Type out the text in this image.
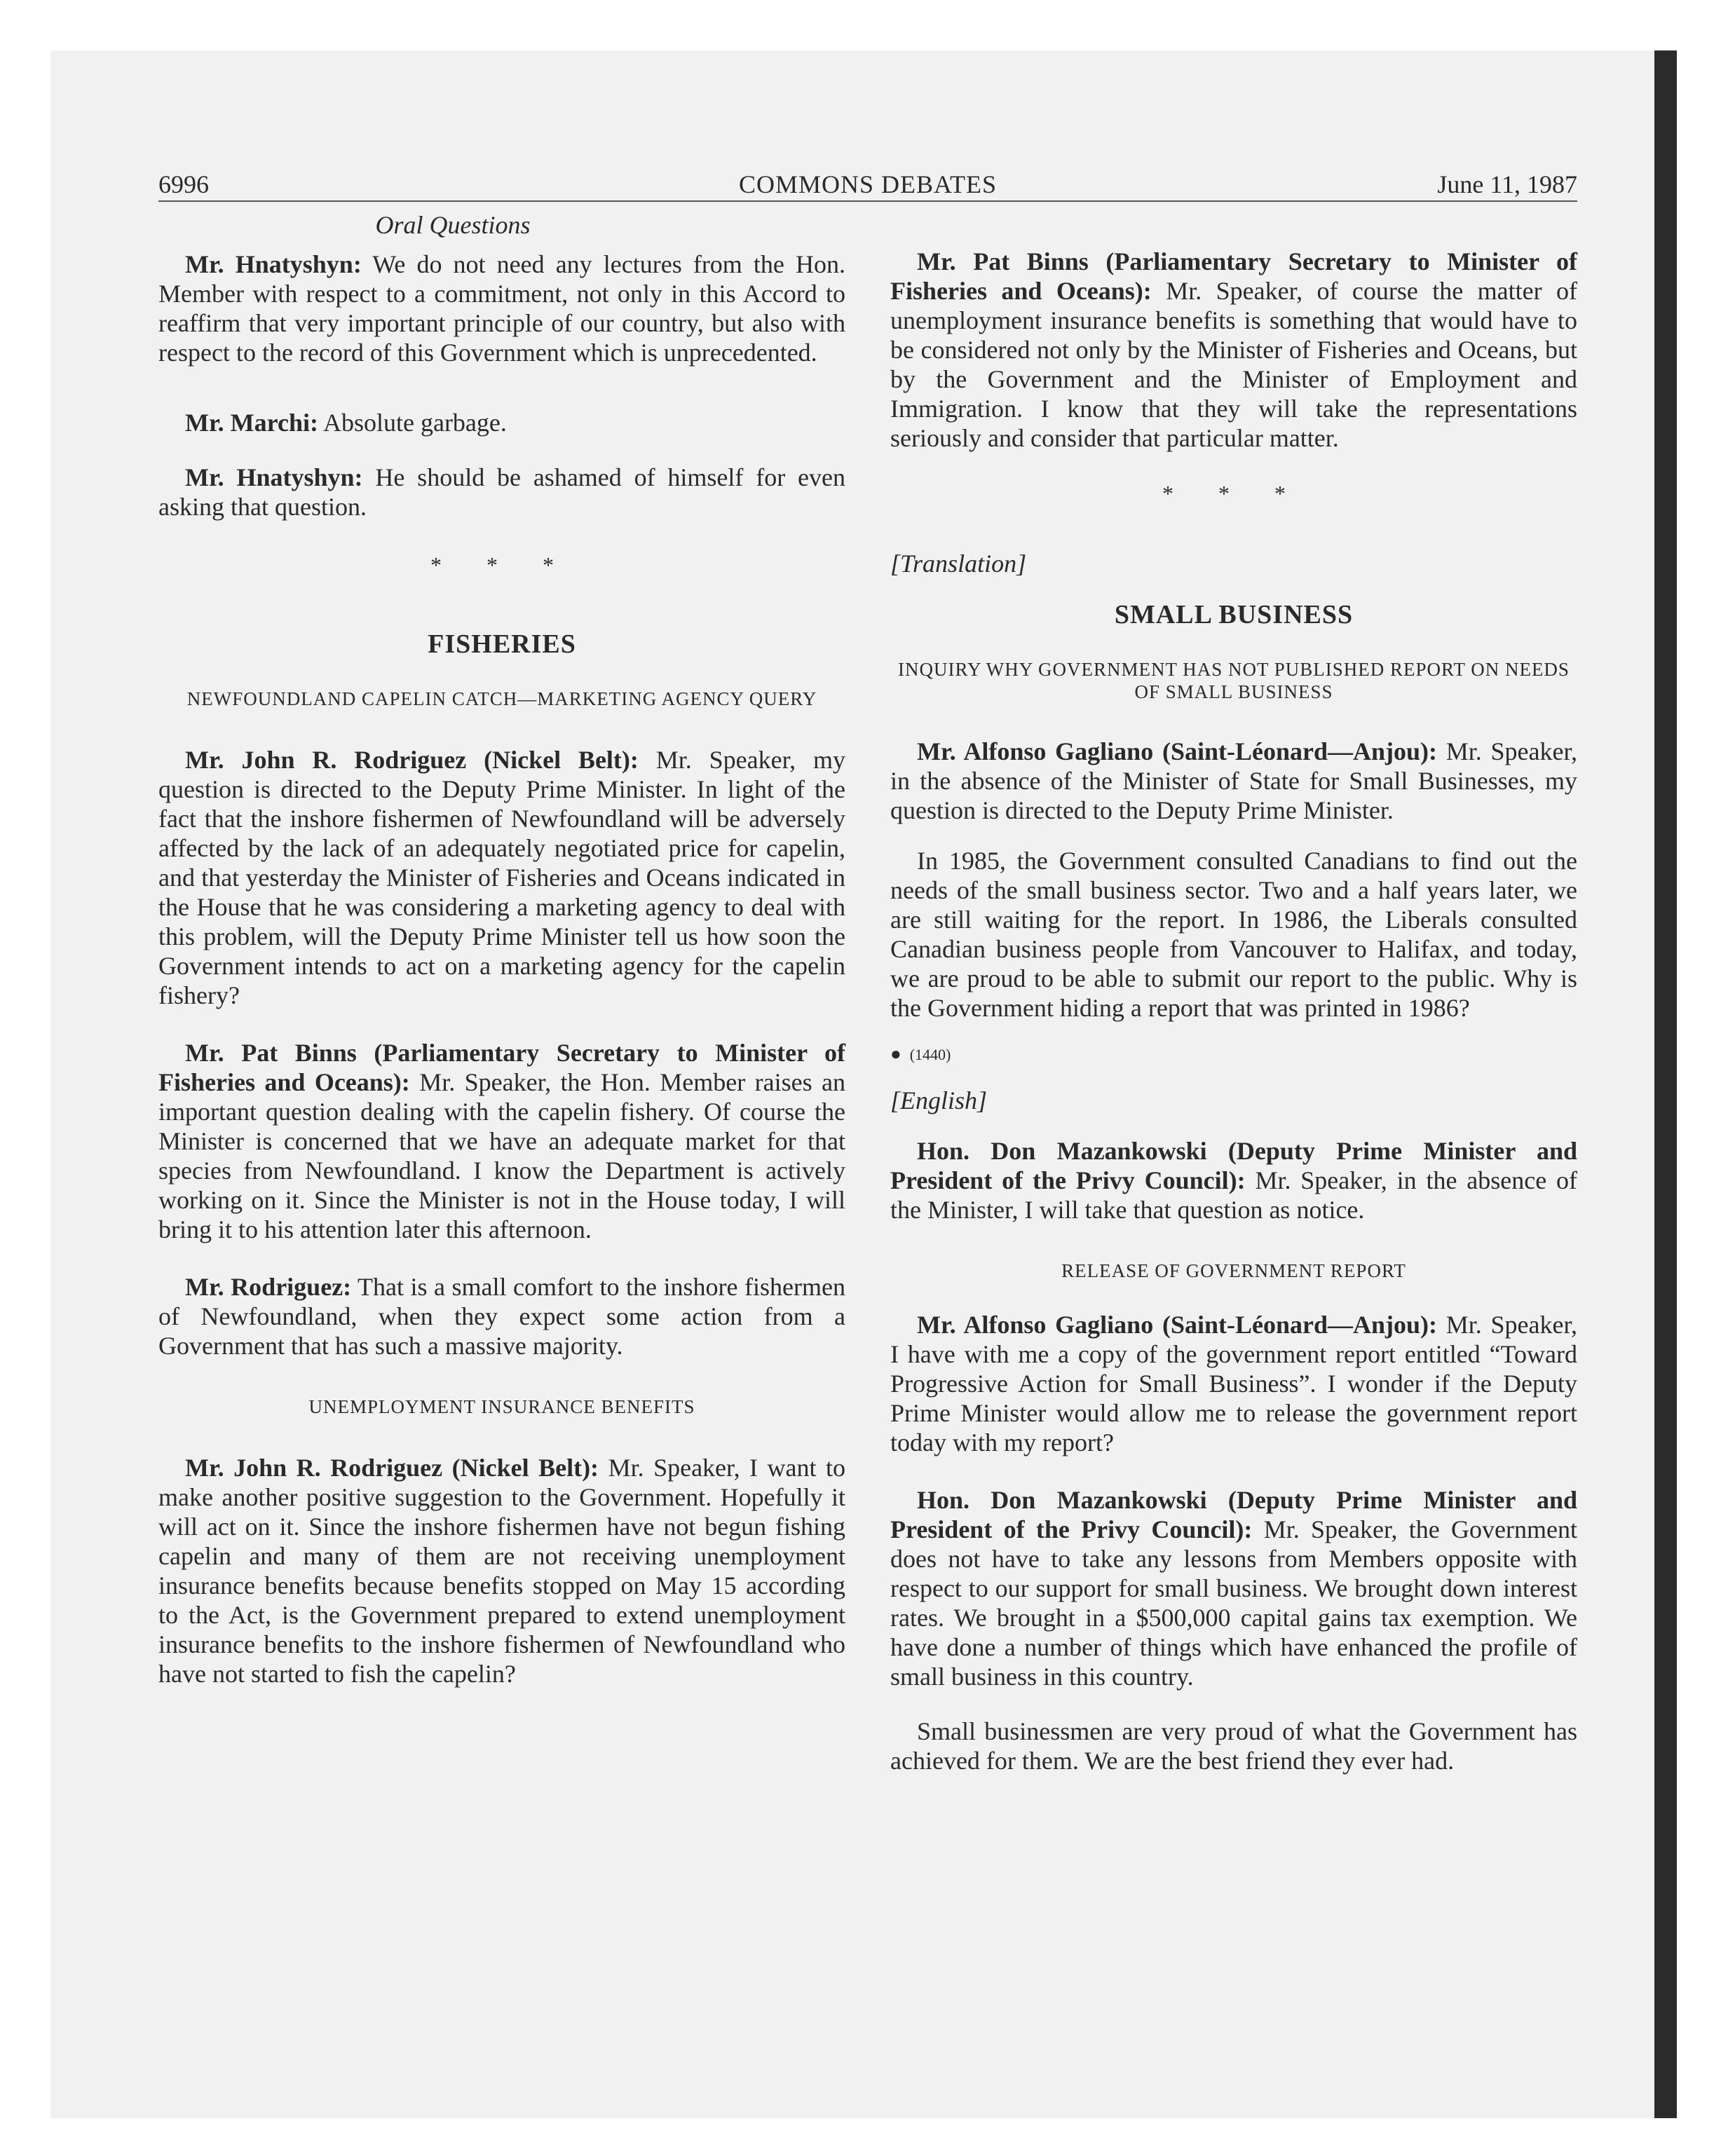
6996	COMMONS DEBATES	June 11, 1987
Oral Questions

Mr. Hnatyshyn: We do not need any lectures from the Hon. Member with respect to a commitment, not only in this Accord to reaffirm that very important principle of our country, but also with respect to the record of this Government which is unprecedented.

Mr. Marchi: Absolute garbage.

Mr. Hnatyshyn: He should be ashamed of himself for even asking that question.

* * *
FISHERIES
NEWFOUNDLAND CAPELIN CATCH—MARKETING AGENCY QUERY

Mr. John R. Rodriguez (Nickel Belt): Mr. Speaker, my question is directed to the Deputy Prime Minister. In light of the fact that the inshore fishermen of Newfoundland will be adversely affected by the lack of an adequately negotiated price for capelin, and that yesterday the Minister of Fisheries and Oceans indicated in the House that he was considering a marketing agency to deal with this problem, will the Deputy Prime Minister tell us how soon the Government intends to act on a marketing agency for the capelin fishery?

Mr. Pat Binns (Parliamentary Secretary to Minister of Fisheries and Oceans): Mr. Speaker, the Hon. Member raises an important question dealing with the capelin fishery. Of course the Minister is concerned that we have an adequate market for that species from Newfoundland. I know the Department is actively working on it. Since the Minister is not in the House today, I will bring it to his attention later this afternoon.

Mr. Rodriguez: That is a small comfort to the inshore fishermen of Newfoundland, when they expect some action from a Government that has such a massive majority.

UNEMPLOYMENT INSURANCE BENEFITS

Mr. John R. Rodriguez (Nickel Belt): Mr. Speaker, I want to make another positive suggestion to the Government. Hopefully it will act on it. Since the inshore fishermen have not begun fishing capelin and many of them are not receiving unemployment insurance benefits because benefits stopped on May 15 according to the Act, is the Government prepared to extend unemployment insurance benefits to the inshore fishermen of Newfoundland who have not started to fish the capelin?

Mr. Pat Binns (Parliamentary Secretary to Minister of Fisheries and Oceans): Mr. Speaker, of course the matter of unemployment insurance benefits is something that would have to be considered not only by the Minister of Fisheries and Oceans, but by the Government and the Minister of Employment and Immigration. I know that they will take the representations seriously and consider that particular matter.

* * *
[Translation]
SMALL BUSINESS
INQUIRY WHY GOVERNMENT HAS NOT PUBLISHED REPORT ON NEEDS OF SMALL BUSINESS

Mr. Alfonso Gagliano (Saint-Léonard—Anjou): Mr. Speaker, in the absence of the Minister of State for Small Businesses, my question is directed to the Deputy Prime Minister.

In 1985, the Government consulted Canadians to find out the needs of the small business sector. Two and a half years later, we are still waiting for the report. In 1986, the Liberals consulted Canadian business people from Vancouver to Halifax, and today, we are proud to be able to submit our report to the public. Why is the Government hiding a report that was printed in 1986?

● (1440)
[English]

Hon. Don Mazankowski (Deputy Prime Minister and President of the Privy Council): Mr. Speaker, in the absence of the Minister, I will take that question as notice.

RELEASE OF GOVERNMENT REPORT

Mr. Alfonso Gagliano (Saint-Léonard—Anjou): Mr. Speaker, I have with me a copy of the government report entitled “Toward Progressive Action for Small Business”. I wonder if the Deputy Prime Minister would allow me to release the government report today with my report?

Hon. Don Mazankowski (Deputy Prime Minister and President of the Privy Council): Mr. Speaker, the Government does not have to take any lessons from Members opposite with respect to our support for small business. We brought down interest rates. We brought in a $500,000 capital gains tax exemption. We have done a number of things which have enhanced the profile of small business in this country.

Small businessmen are very proud of what the Government has achieved for them. We are the best friend they ever had.
